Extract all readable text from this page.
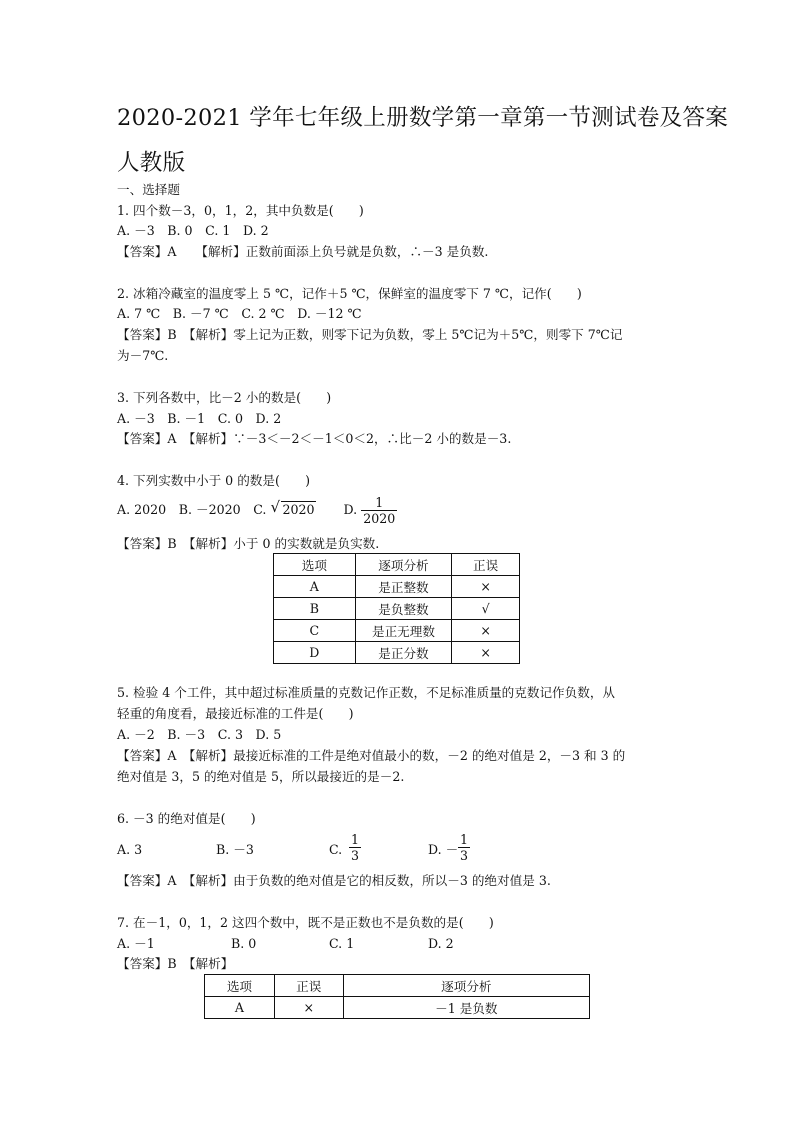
2020-2021 学年七年级上册数学第一章第一节测试卷及答案
人教版
一、选择题
1. 四个数－3，0，1，2，其中负数是(　　)
A. －3　B. 0　C. 1　D. 2
【答案】A　　【解析】正数前面添上负号就是负数，∴－3 是负数.
2. 冰箱冷藏室的温度零上 5 ℃，记作＋5 ℃，保鲜室的温度零下 7 ℃，记作(　　)
A. 7 ℃　B. －7 ℃　C. 2 ℃　D. －12 ℃
【答案】B　【解析】零上记为正数，则零下记为负数，零上 5℃记为＋5℃，则零下 7℃记
为－7℃.
3. 下列各数中，比－2 小的数是(　　)
A. －3　B. －1　C. 0　D. 2
【答案】A　【解析】∵－3＜－2＜－1＜0＜2，∴比－2 小的数是－3.
4. 下列实数中小于 0 的数是(　　)
A. 2020　B. －2020　C. √ 2020 D. $\frac{1}{2020}$
【答案】B　【解析】小于 0 的实数就是负实数.
选项	逐项分析	正误
A	是正整数	×
B	是负整数	√
C	是正无理数	×
D	是正分数	×
5. 检验 4 个工件，其中超过标准质量的克数记作正数，不足标准质量的克数记作负数，从
轻重的角度看，最接近标准的工件是(　　)
A. －2　B. －3　C. 3　D. 5
【答案】A　【解析】最接近标准的工件是绝对值最小的数，－2 的绝对值是 2，－3 和 3 的
绝对值是 3，5 的绝对值是 5，所以最接近的是－2.
6. －3 的绝对值是(　　)
A. 3	B. －3	C. $\frac{1}{3}$	D. － $\frac{1}{3}$
【答案】A　【解析】由于负数的绝对值是它的相反数，所以－3 的绝对值是 3.
7. 在－1，0，1，2 这四个数中，既不是正数也不是负数的是(　　)
A. －1	B. 0	C. 1	D. 2
【答案】B　【解析】
选项	正误	逐项分析
A	×	－1 是负数
